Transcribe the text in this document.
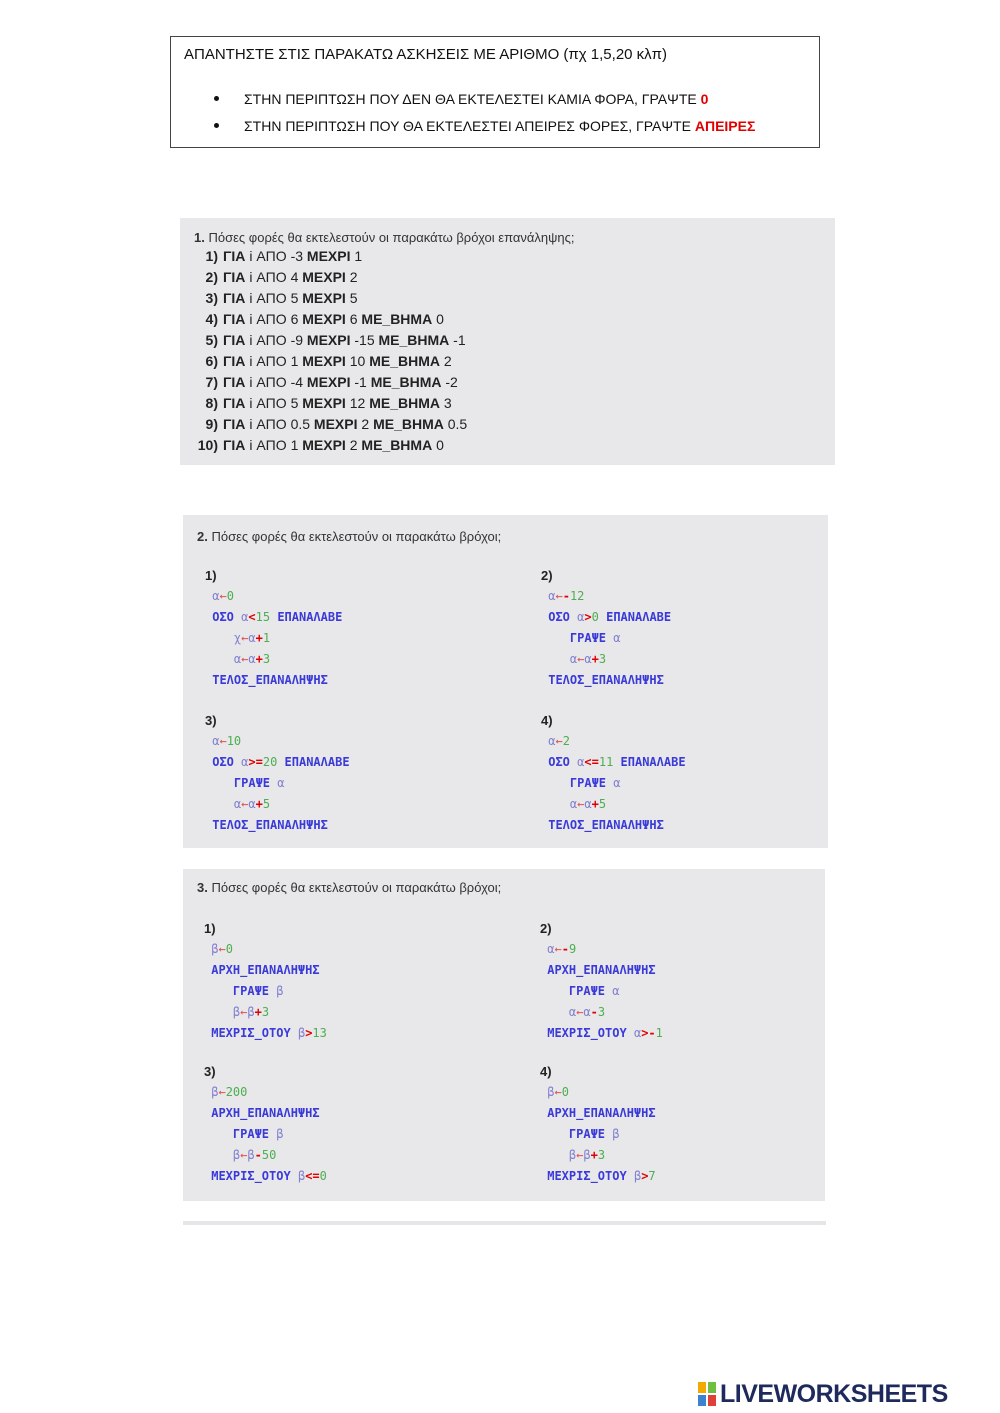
ΑΠΑΝΤΗΣΤΕ ΣΤΙΣ ΠΑΡΑΚΑΤΩ ΑΣΚΗΣΕΙΣ ΜΕ ΑΡΙΘΜΟ (πχ 1,5,20 κλπ)
ΣΤΗΝ ΠΕΡΙΠΤΩΣΗ ΠΟΥ ΔΕΝ ΘΑ ΕΚΤΕΛΕΣΤΕΙ ΚΑΜΙΑ ΦΟΡΑ, ΓΡΑΨΤΕ 0
ΣΤΗΝ ΠΕΡΙΠΤΩΣΗ ΠΟΥ ΘΑ ΕΚΤΕΛΕΣΤΕΙ ΑΠΕΙΡΕΣ ΦΟΡΕΣ, ΓΡΑΨΤΕ ΑΠΕΙΡΕΣ
1. Πόσες φορές θα εκτελεστούν οι παρακάτω βρόχοι επανάληψης;
1) ΓΙΑ i ΑΠΟ -3 ΜΕΧΡΙ 1
2) ΓΙΑ i ΑΠΟ 4 ΜΕΧΡΙ 2
3) ΓΙΑ i ΑΠΟ 5 ΜΕΧΡΙ 5
4) ΓΙΑ i ΑΠΟ 6 ΜΕΧΡΙ 6 ΜΕ_ΒΗΜΑ 0
5) ΓΙΑ i ΑΠΟ -9 ΜΕΧΡΙ -15 ΜΕ_ΒΗΜΑ -1
6) ΓΙΑ i ΑΠΟ 1 ΜΕΧΡΙ 10 ΜΕ_ΒΗΜΑ 2
7) ΓΙΑ i ΑΠΟ -4 ΜΕΧΡΙ -1 ΜΕ_ΒΗΜΑ -2
8) ΓΙΑ i ΑΠΟ 5 ΜΕΧΡΙ 12 ΜΕ_ΒΗΜΑ 3
9) ΓΙΑ i ΑΠΟ 0.5 ΜΕΧΡΙ 2 ΜΕ_ΒΗΜΑ 0.5
10) ΓΙΑ i ΑΠΟ 1 ΜΕΧΡΙ 2 ΜΕ_ΒΗΜΑ 0
2. Πόσες φορές θα εκτελεστούν οι παρακάτω βρόχοι;
1)
α←0
ΟΣΟ α<15 ΕΠΑΝΑΛΑΒΕ
χ←α+1
α←α+3
ΤΕΛΟΣ_ΕΠΑΝΑΛΗΨΗΣ
2)
α←-12
ΟΣΟ α>0 ΕΠΑΝΑΛΑΒΕ
ΓΡΑΨΕ α
α←α+3
ΤΕΛΟΣ_ΕΠΑΝΑΛΗΨΗΣ
3)
α←10
ΟΣΟ α>=20 ΕΠΑΝΑΛΑΒΕ
ΓΡΑΨΕ α
α←α+5
ΤΕΛΟΣ_ΕΠΑΝΑΛΗΨΗΣ
4)
α←2
ΟΣΟ α<=11 ΕΠΑΝΑΛΑΒΕ
ΓΡΑΨΕ α
α←α+5
ΤΕΛΟΣ_ΕΠΑΝΑΛΗΨΗΣ
3. Πόσες φορές θα εκτελεστούν οι παρακάτω βρόχοι;
1)
β←0
ΑΡΧΗ_ΕΠΑΝΑΛΗΨΗΣ
ΓΡΑΨΕ β
β←β+3
ΜΕΧΡΙΣ_ΟΤΟΥ β>13
2)
α←-9
ΑΡΧΗ_ΕΠΑΝΑΛΗΨΗΣ
ΓΡΑΨΕ α
α←α-3
ΜΕΧΡΙΣ_ΟΤΟΥ α>-1
3)
β←200
ΑΡΧΗ_ΕΠΑΝΑΛΗΨΗΣ
ΓΡΑΨΕ β
β←β-50
ΜΕΧΡΙΣ_ΟΤΟΥ β<=0
4)
β←0
ΑΡΧΗ_ΕΠΑΝΑΛΗΨΗΣ
ΓΡΑΨΕ β
β←β+3
ΜΕΧΡΙΣ_ΟΤΟΥ β>7
LIVEWORKSHEETS
